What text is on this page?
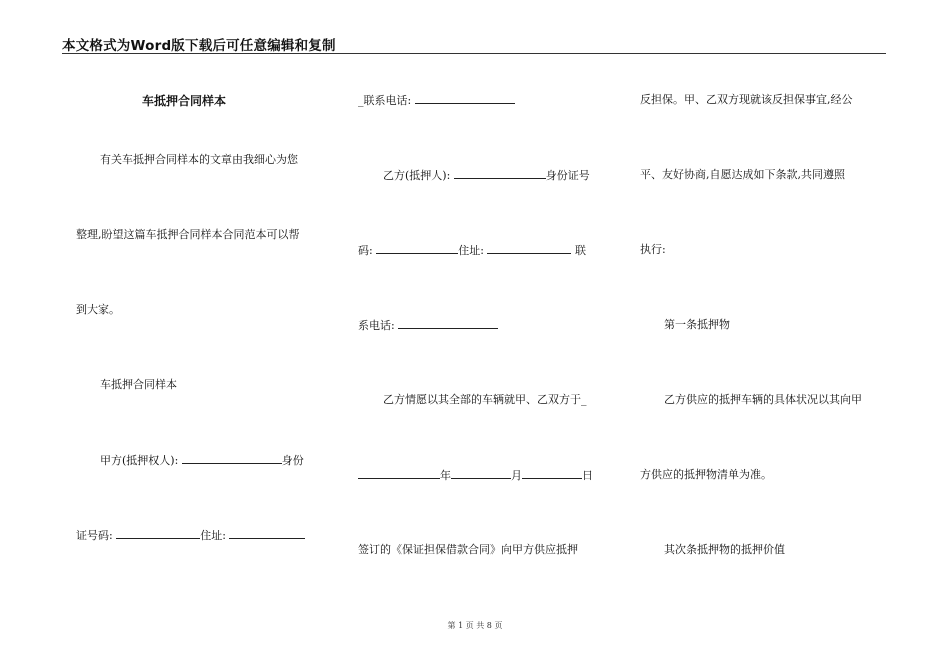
本文格式为Word版下载后可任意编辑和复制
车抵押合同样本
有关车抵押合同样本的文章由我细心为您
整理,盼望这篇车抵押合同样本合同范本可以帮
到大家。
车抵押合同样本
甲方(抵押权人):	身份
证号码:	住址:
_联系电话:
乙方(抵押人):	身份证号
码:	住址:	联
系电话:
乙方情愿以其全部的车辆就甲、乙双方于_
年	月	日
签订的《保证担保借款合同》向甲方供应抵押
反担保。甲、乙双方现就该反担保事宜,经公
平、友好协商,自愿达成如下条款,共同遵照
执行:
第一条抵押物
乙方供应的抵押车辆的具体状况以其向甲
方供应的抵押物清单为准。
其次条抵押物的抵押价值
第 1 页 共 8 页
